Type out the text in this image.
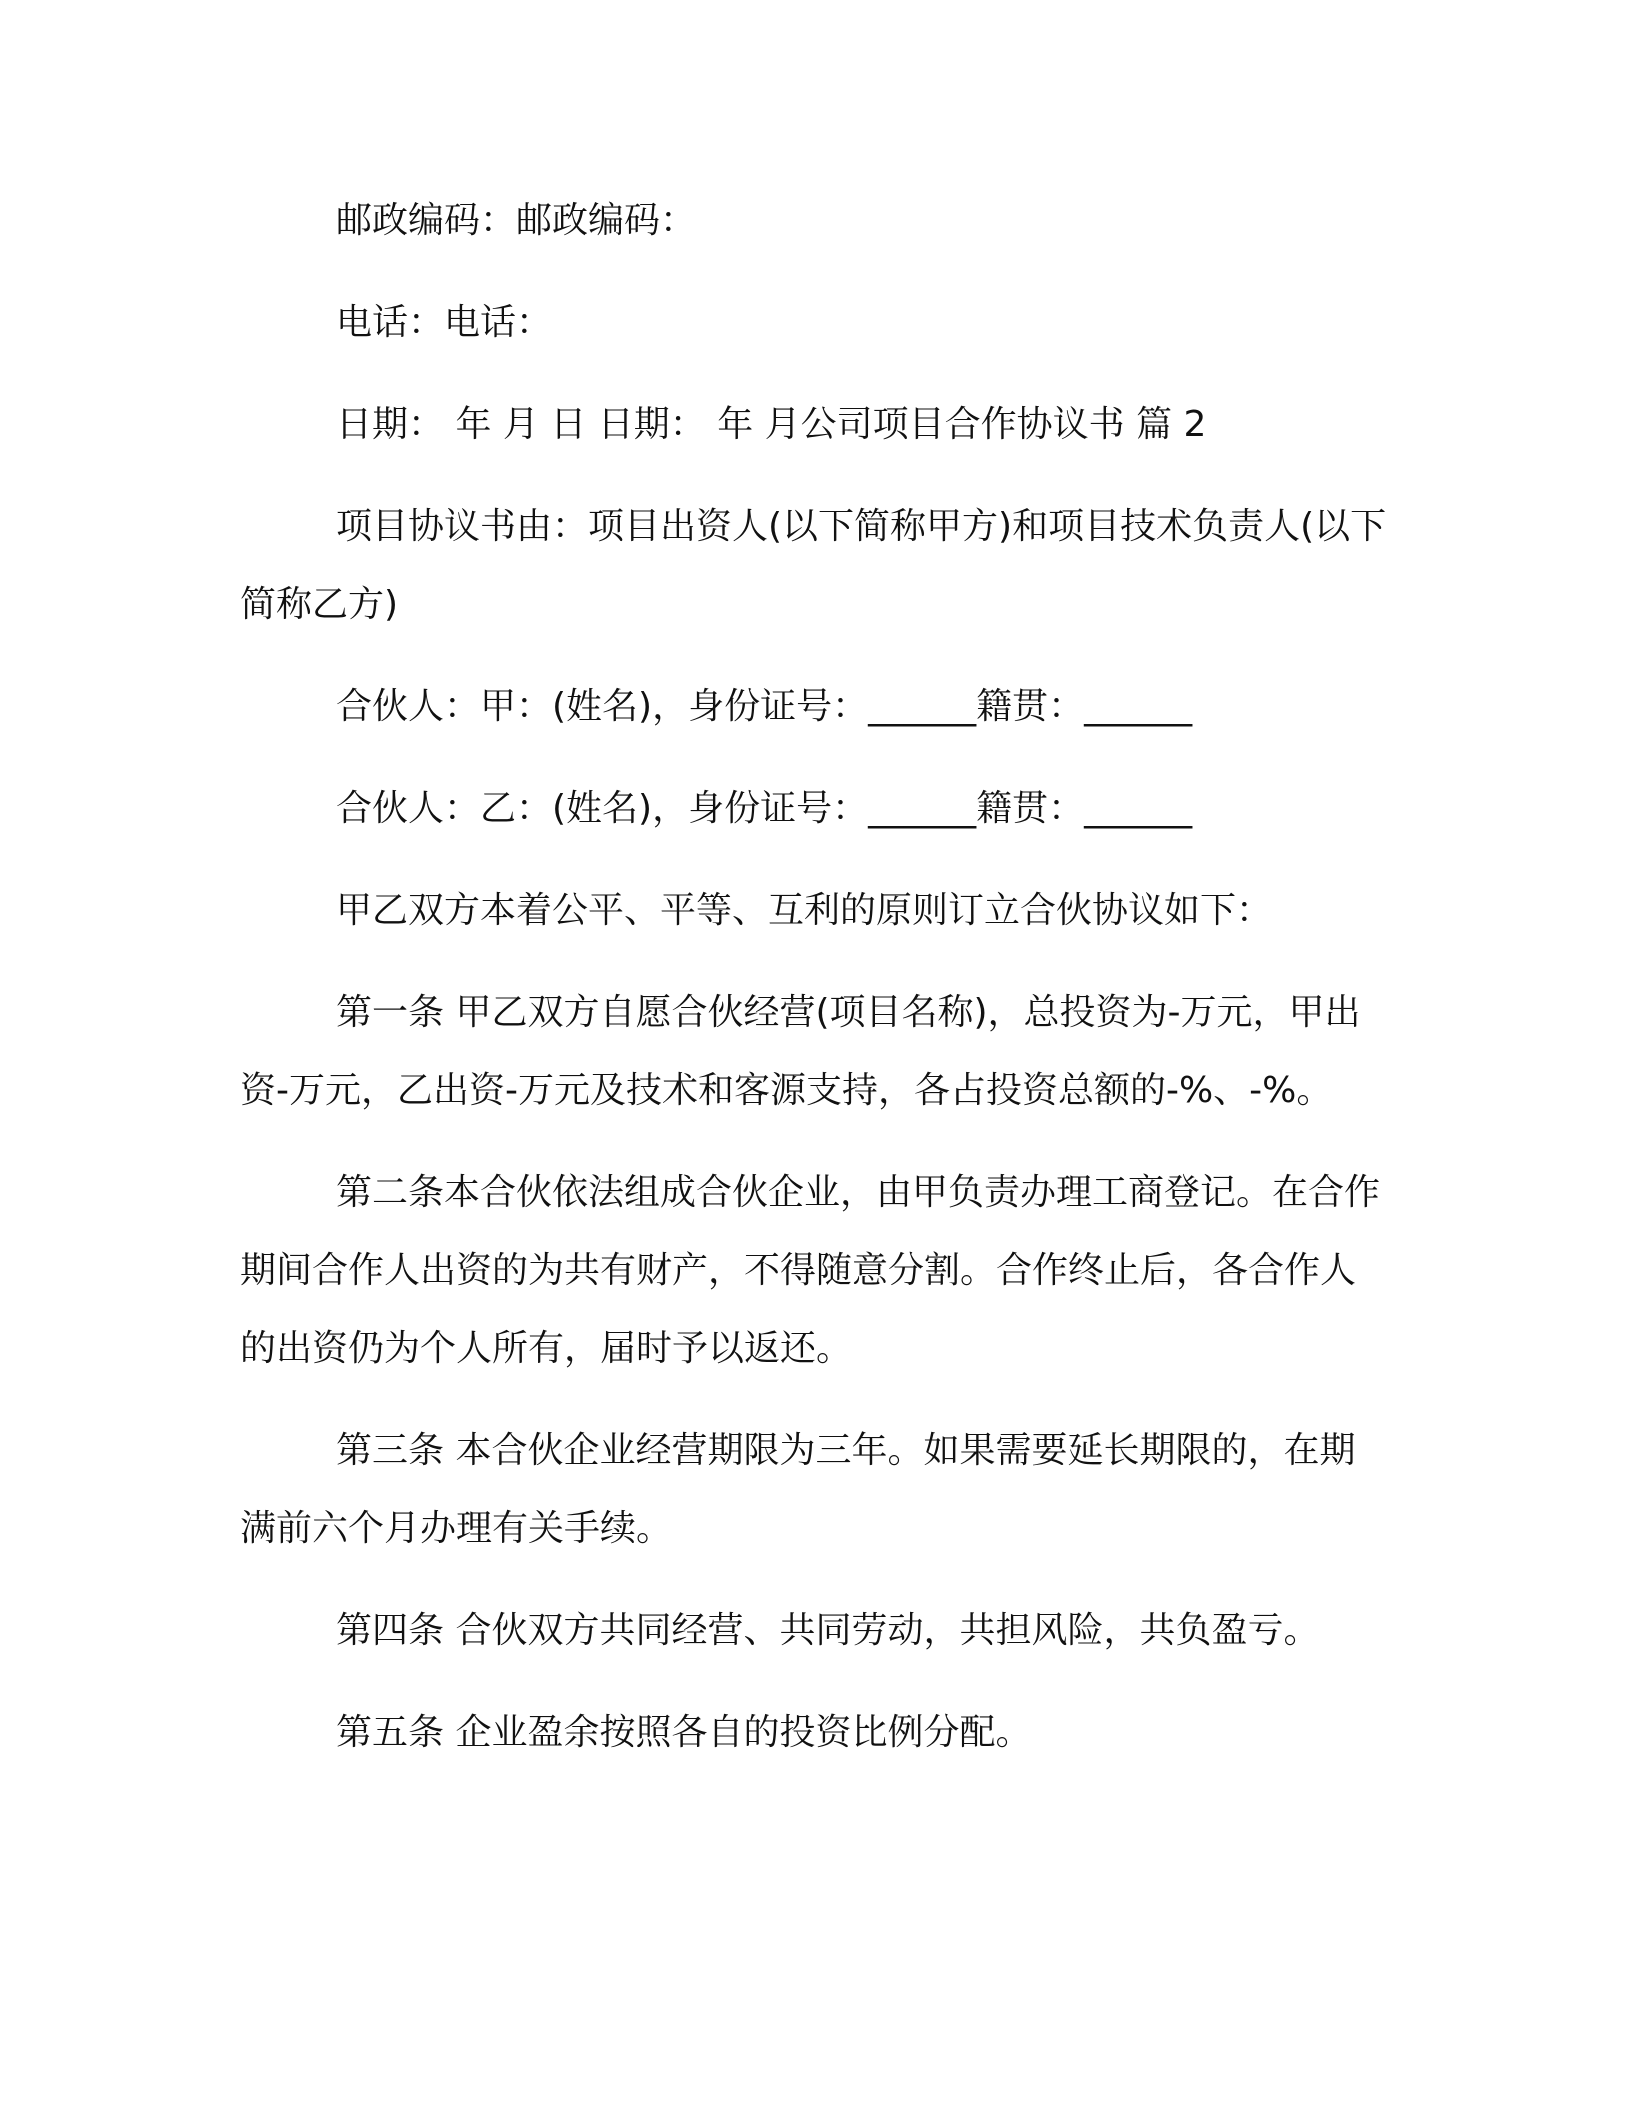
邮政编码：邮政编码：

电话：电话：

日期： 年 月 日 日期： 年 月公司项目合作协议书 篇 2

项目协议书由：项目出资人(以下简称甲方)和项目技术负责人(以下简称乙方)

合伙人：甲：(姓名)，身份证号：______籍贯：______

合伙人：乙：(姓名)，身份证号：______籍贯：______

甲乙双方本着公平、平等、互利的原则订立合伙协议如下：

第一条 甲乙双方自愿合伙经营(项目名称)，总投资为-万元，甲出资-万元，乙出资-万元及技术和客源支持，各占投资总额的-%、-%。

第二条本合伙依法组成合伙企业，由甲负责办理工商登记。在合作期间合作人出资的为共有财产，不得随意分割。合作终止后，各合作人的出资仍为个人所有，届时予以返还。

第三条 本合伙企业经营期限为三年。如果需要延长期限的，在期满前六个月办理有关手续。

第四条 合伙双方共同经营、共同劳动，共担风险，共负盈亏。

第五条 企业盈余按照各自的投资比例分配。
